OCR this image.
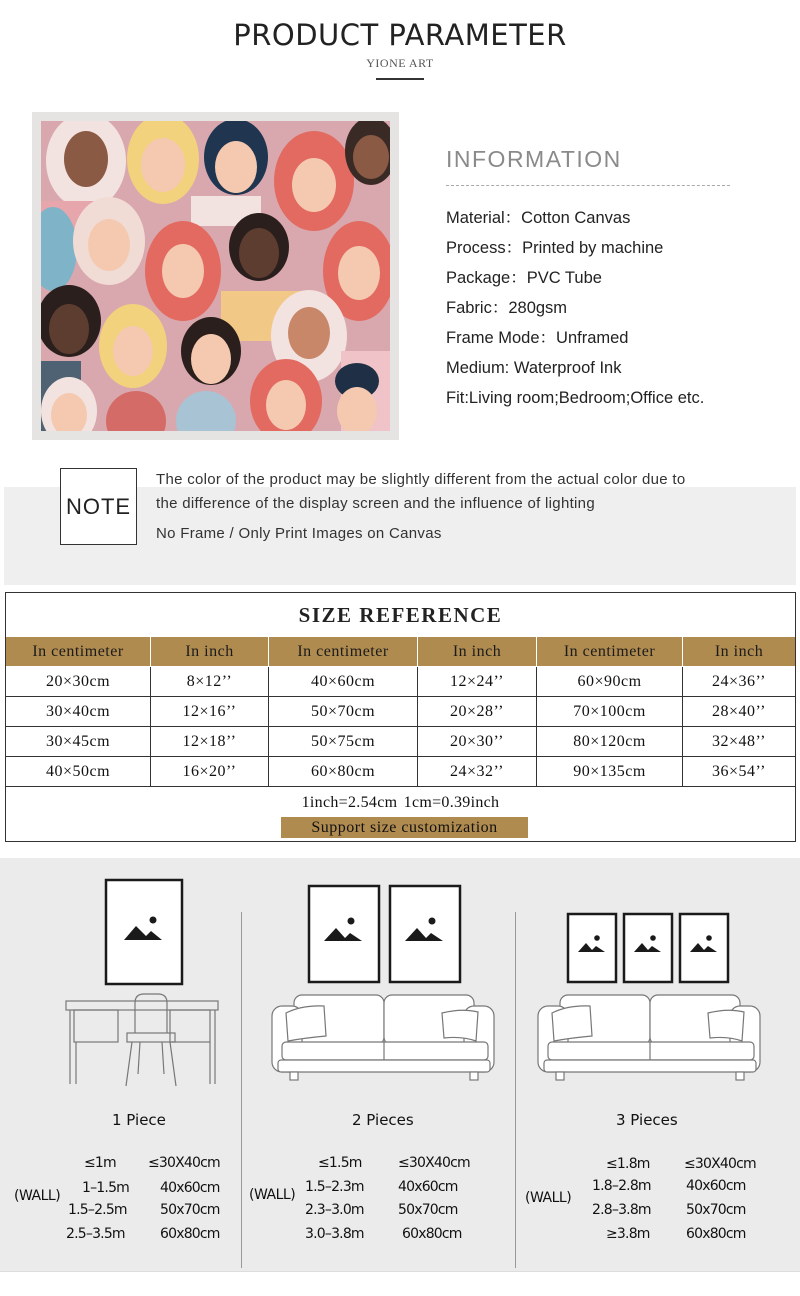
PRODUCT PARAMETER
YIONE ART
INFORMATION
Material：Cotton Canvas
Process：Printed by machine
Package：PVC Tube
Fabric：280gsm
Frame Mode：Unframed
Medium: Waterproof Ink
Fit:Living room;Bedroom;Office etc.
NOTE
The color of the product may be slightly different from the actual color due to
the difference of the display screen and the influence of lighting
No Frame / Only Print Images on Canvas
SIZE REFERENCE
In centimeter	In inch	In centimeter	In inch	In centimeter	In inch
20×30cm	8×12’’	40×60cm	12×24’’	60×90cm	24×36’’
30×40cm	12×16’’	50×70cm	20×28’’	70×100cm	28×40’’
30×45cm	12×18’’	50×75cm	20×30’’	80×120cm	32×48’’
40×50cm	16×20’’	60×80cm	24×32’’	90×135cm	36×54’’
1inch=2.54cm 1cm=0.39inch
Support size customization
1 Piece
(WALL)
≤1m ≤30X40cm
1–1.5m 40x60cm
1.5–2.5m 50x70cm
2.5–3.5m	60x80cm
2 Pieces
(WALL)
≤1.5m	≤30X40cm
1.5–2.3m 40x60cm
2.3–3.0m 50x70cm
3.0–3.8m	60x80cm
3 Pieces
(WALL)
≤1.8m ≤30X40cm
1.8–2.8m	40x60cm
2.8–3.8m	50x70cm
≥3.8m	60x80cm
